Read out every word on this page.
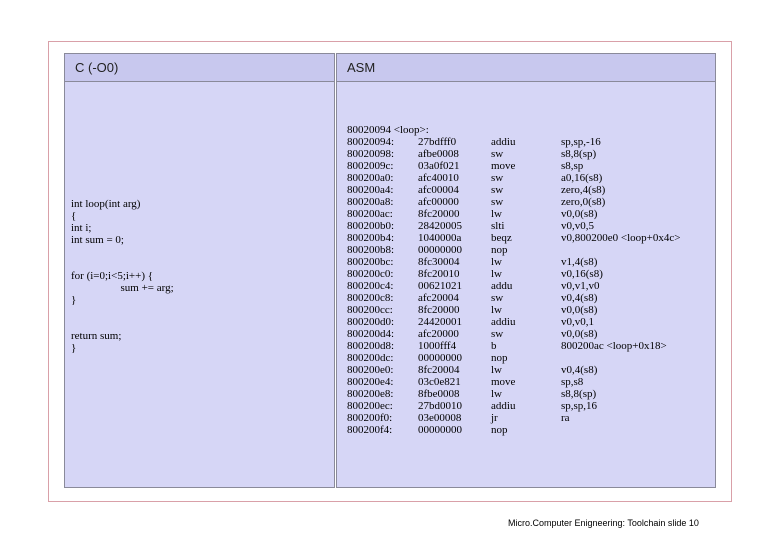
C (-O0)
int loop(int arg)
{
int i;
int sum = 0;

for (i=0;i<5;i++) {
sum += arg;
}

return sum;
}
ASM
80020094 <loop>:
80020094:	27bdfff0	addiu	sp,sp,-16
80020098:	afbe0008	sw	s8,8(sp)
8002009c:	03a0f021	move	s8,sp
800200a0:	afc40010	sw	a0,16(s8)
800200a4:	afc00004	sw	zero,4(s8)
800200a8:	afc00000	sw	zero,0(s8)
800200ac:	8fc20000	lw	v0,0(s8)
800200b0:	28420005	slti	v0,v0,5
800200b4:	1040000a	beqz	v0,800200e0 <loop+0x4c>
800200b8:	00000000	nop	
800200bc:	8fc30004	lw	v1,4(s8)
800200c0:	8fc20010	lw	v0,16(s8)
800200c4:	00621021	addu	v0,v1,v0
800200c8:	afc20004	sw	v0,4(s8)
800200cc:	8fc20000	lw	v0,0(s8)
800200d0:	24420001	addiu	v0,v0,1
800200d4:	afc20000	sw	v0,0(s8)
800200d8:	1000fff4	b	800200ac <loop+0x18>
800200dc:	00000000	nop	
800200e0:	8fc20004	lw	v0,4(s8)
800200e4:	03c0e821	move	sp,s8
800200e8:	8fbe0008	lw	s8,8(sp)
800200ec:	27bd0010	addiu	sp,sp,16
800200f0:	03e00008	jr	ra
800200f4:	00000000	nop	
Micro.Computer Enigneering: Toolchain slide 10
